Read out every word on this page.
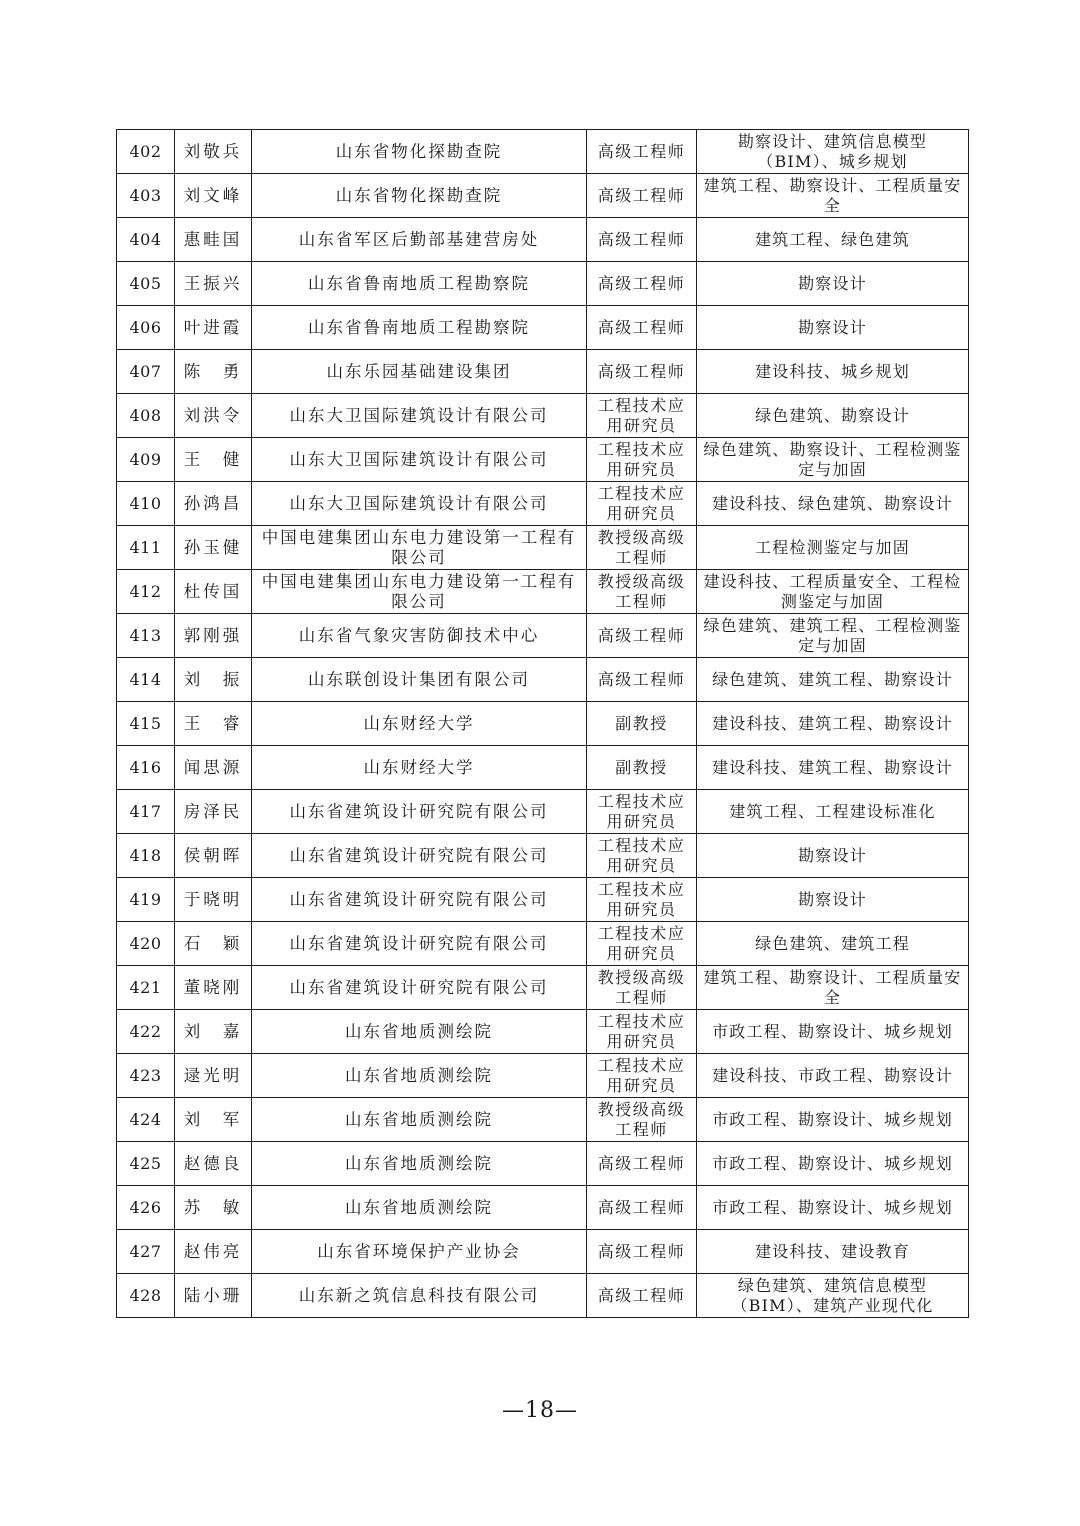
402	刘敬兵	山东省物化探勘查院	高级工程师	勘察设计、建筑信息模型（BIM）、城乡规划
403	刘文峰	山东省物化探勘查院	高级工程师	建筑工程、勘察设计、工程质量安全
404	惠畦国	山东省军区后勤部基建营房处	高级工程师	建筑工程、绿色建筑
405	王振兴	山东省鲁南地质工程勘察院	高级工程师	勘察设计
406	叶进霞	山东省鲁南地质工程勘察院	高级工程师	勘察设计
407	陈　勇	山东乐园基础建设集团	高级工程师	建设科技、城乡规划
408	刘洪令	山东大卫国际建筑设计有限公司	工程技术应用研究员	绿色建筑、勘察设计
409	王　健	山东大卫国际建筑设计有限公司	工程技术应用研究员	绿色建筑、勘察设计、工程检测鉴定与加固
410	孙鸿昌	山东大卫国际建筑设计有限公司	工程技术应用研究员	建设科技、绿色建筑、勘察设计
411	孙玉健	中国电建集团山东电力建设第一工程有限公司	教授级高级工程师	工程检测鉴定与加固
412	杜传国	中国电建集团山东电力建设第一工程有限公司	教授级高级工程师	建设科技、工程质量安全、工程检测鉴定与加固
413	郭刚强	山东省气象灾害防御技术中心	高级工程师	绿色建筑、建筑工程、工程检测鉴定与加固
414	刘　振	山东联创设计集团有限公司	高级工程师	绿色建筑、建筑工程、勘察设计
415	王　睿	山东财经大学	副教授	建设科技、建筑工程、勘察设计
416	闻思源	山东财经大学	副教授	建设科技、建筑工程、勘察设计
417	房泽民	山东省建筑设计研究院有限公司	工程技术应用研究员	建筑工程、工程建设标准化
418	侯朝晖	山东省建筑设计研究院有限公司	工程技术应用研究员	勘察设计
419	于晓明	山东省建筑设计研究院有限公司	工程技术应用研究员	勘察设计
420	石　颖	山东省建筑设计研究院有限公司	工程技术应用研究员	绿色建筑、建筑工程
421	董晓刚	山东省建筑设计研究院有限公司	教授级高级工程师	建筑工程、勘察设计、工程质量安全
422	刘　嘉	山东省地质测绘院	工程技术应用研究员	市政工程、勘察设计、城乡规划
423	逯光明	山东省地质测绘院	工程技术应用研究员	建设科技、市政工程、勘察设计
424	刘　军	山东省地质测绘院	教授级高级工程师	市政工程、勘察设计、城乡规划
425	赵德良	山东省地质测绘院	高级工程师	市政工程、勘察设计、城乡规划
426	苏　敏	山东省地质测绘院	高级工程师	市政工程、勘察设计、城乡规划
427	赵伟亮	山东省环境保护产业协会	高级工程师	建设科技、建设教育
428	陆小珊	山东新之筑信息科技有限公司	高级工程师	绿色建筑、建筑信息模型（BIM）、建筑产业现代化
—18—
